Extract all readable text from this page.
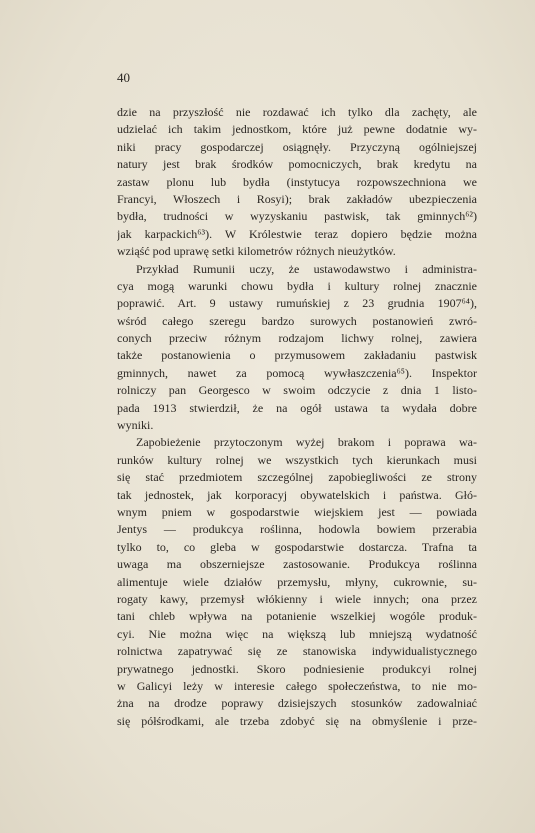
40
dzie na przyszłość nie rozdawać ich tylko dla zachęty, ale
udzielać ich takim jednostkom, które już pewne dodatnie wy-
niki pracy gospodarczej osiągnęły. Przyczyną ogólniejszej
natury jest brak środków pomocniczych, brak kredytu na
zastaw plonu lub bydła (instytucya rozpowszechniona we
Francyi, Włoszech i Rosyi); brak zakładów ubezpieczenia
bydła, trudności w wyzyskaniu pastwisk, tak gminnych⁶²)
jak karpackich⁶³). W Królestwie teraz dopiero będzie można
wziąść pod uprawę setki kilometrów różnych nieużytków.
Przykład Rumunii uczy, że ustawodawstwo i administra-
cya mogą warunki chowu bydła i kultury rolnej znacznie
poprawić. Art. 9 ustawy rumuńskiej z 23 grudnia 1907⁶⁴),
wśród całego szeregu bardzo surowych postanowień zwró-
conych przeciw różnym rodzajom lichwy rolnej, zawiera
także postanowienia o przymusowem zakładaniu pastwisk
gminnych, nawet za pomocą wywłaszczenia⁶⁵). Inspektor
rolniczy pan Georgesco w swoim odczycie z dnia 1 listo-
pada 1913 stwierdził, że na ogół ustawa ta wydała dobre
wyniki.
Zapobieżenie przytoczonym wyżej brakom i poprawa wa-
runków kultury rolnej we wszystkich tych kierunkach musi
się stać przedmiotem szczególnej zapobiegliwości ze strony
tak jednostek, jak korporacyj obywatelskich i państwa. Głó-
wnym pniem w gospodarstwie wiejskiem jest — powiada
Jentys — produkcya roślinna, hodowla bowiem przerabia
tylko to, co gleba w gospodarstwie dostarcza. Trafna ta
uwaga ma obszerniejsze zastosowanie. Produkcya roślinna
alimentuje wiele działów przemysłu, młyny, cukrownie, su-
rogaty kawy, przemysł włókienny i wiele innych; ona przez
tani chleb wpływa na potanienie wszelkiej wogóle produk-
cyi. Nie można więc na większą lub mniejszą wydatność
rolnictwa zapatrywać się ze stanowiska indywidualistycznego
prywatnego jednostki. Skoro podniesienie produkcyi rolnej
w Galicyi leży w interesie całego społeczeństwa, to nie mo-
żna na drodze poprawy dzisiejszych stosunków zadowalniać
się półśrodkami, ale trzeba zdobyć się na obmyślenie i prze-
